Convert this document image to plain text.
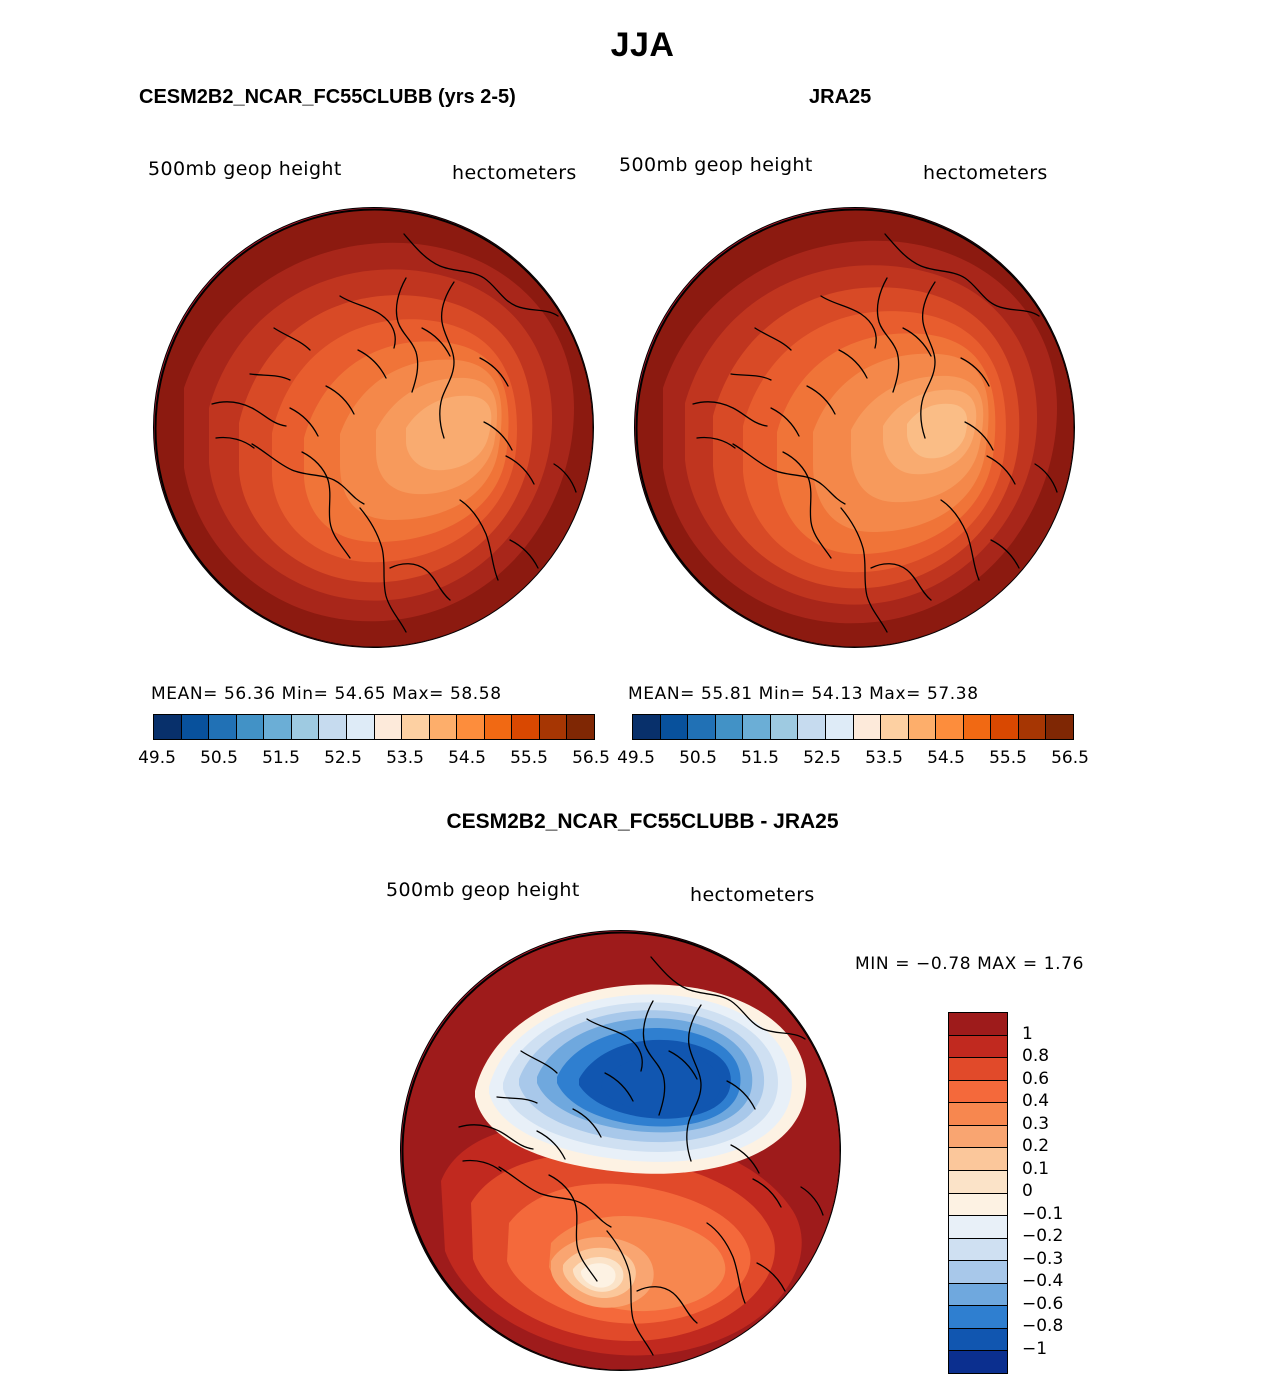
JJA
CESM2B2_NCAR_FC55CLUBB (yrs 2-5)
500mb geop height	hectometers
MEAN= 56.36 Min= 54.65 Max= 58.58
49.5	50.5	51.5	52.5	53.5	54.5	55.5	56.5
JRA25
500mb geop height	hectometers
MEAN= 55.81 Min= 54.13 Max= 57.38
49.5	50.5	51.5	52.5	53.5	54.5	55.5	56.5
CESM2B2_NCAR_FC55CLUBB - JRA25
500mb geop height	hectometers
MIN = −0.78 MAX = 1.76
1
0.8
0.6
0.4
0.3
0.2
0.1
0
−0.1
−0.2
−0.3
−0.4
−0.6
−0.8
−1
